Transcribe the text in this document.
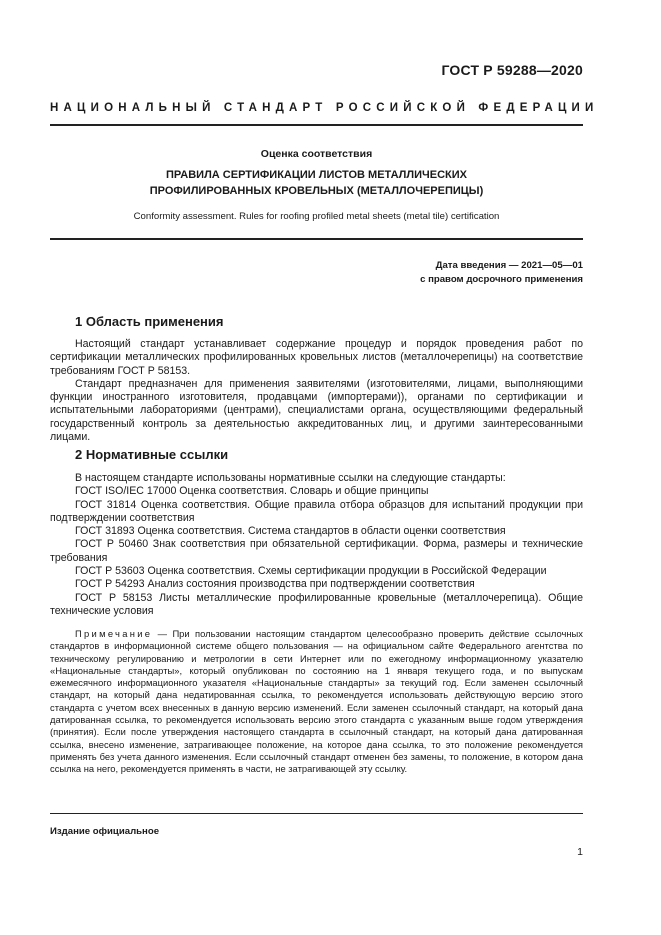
ГОСТ Р 59288—2020
НАЦИОНАЛЬНЫЙ СТАНДАРТ РОССИЙСКОЙ ФЕДЕРАЦИИ
Оценка соответствия
ПРАВИЛА СЕРТИФИКАЦИИ ЛИСТОВ МЕТАЛЛИЧЕСКИХ
ПРОФИЛИРОВАННЫХ КРОВЕЛЬНЫХ (МЕТАЛЛОЧЕРЕПИЦЫ)
Conformity assessment. Rules for roofing profiled metal sheets (metal tile) certification
Дата введения — 2021—05—01
с правом досрочного применения
1 Область применения

Настоящий стандарт устанавливает содержание процедур и порядок проведения работ по сертификации металлических профилированных кровельных листов (металлочерепицы) на соответствие требованиям ГОСТ Р 58153.

Стандарт предназначен для применения заявителями (изготовителями, лицами, выполняющими функции иностранного изготовителя, продавцами (импортерами)), органами по сертификации и испытательными лабораториями (центрами), специалистами органа, осуществляющими федеральный государственный контроль за деятельностью аккредитованных лиц, и другими заинтересованными лицами.

2 Нормативные ссылки

В настоящем стандарте использованы нормативные ссылки на следующие стандарты:

ГОСТ ISO/IEC 17000 Оценка соответствия. Словарь и общие принципы

ГОСТ 31814 Оценка соответствия. Общие правила отбора образцов для испытаний продукции при подтверждении соответствия

ГОСТ 31893 Оценка соответствия. Система стандартов в области оценки соответствия

ГОСТ Р 50460 Знак соответствия при обязательной сертификации. Форма, размеры и технические требования

ГОСТ Р 53603 Оценка соответствия. Схемы сертификации продукции в Российской Федерации

ГОСТ Р 54293 Анализ состояния производства при подтверждении соответствия

ГОСТ Р 58153 Листы металлические профилированные кровельные (металлочерепица). Общие технические условия

Примечание — При пользовании настоящим стандартом целесообразно проверить действие ссылочных стандартов в информационной системе общего пользования — на официальном сайте Федерального агентства по техническому регулированию и метрологии в сети Интернет или по ежегодному информационному указателю «Национальные стандарты», который опубликован по состоянию на 1 января текущего года, и по выпускам ежемесячного информационного указателя «Национальные стандарты» за текущий год. Если заменен ссылочный стандарт, на который дана недатированная ссылка, то рекомендуется использовать действующую версию этого стандарта с учетом всех внесенных в данную версию изменений. Если заменен ссылочный стандарт, на который дана датированная ссылка, то рекомендуется использовать версию этого стандарта с указанным выше годом утверждения (принятия). Если после утверждения настоящего стандарта в ссылочный стандарт, на который дана датированная ссылка, внесено изменение, затрагивающее положение, на которое дана ссылка, то это положение рекомендуется применять без учета данного изменения. Если ссылочный стандарт отменен без замены, то положение, в котором дана ссылка на него, рекомендуется применять в части, не затрагивающей эту ссылку.

Издание официальное
1
